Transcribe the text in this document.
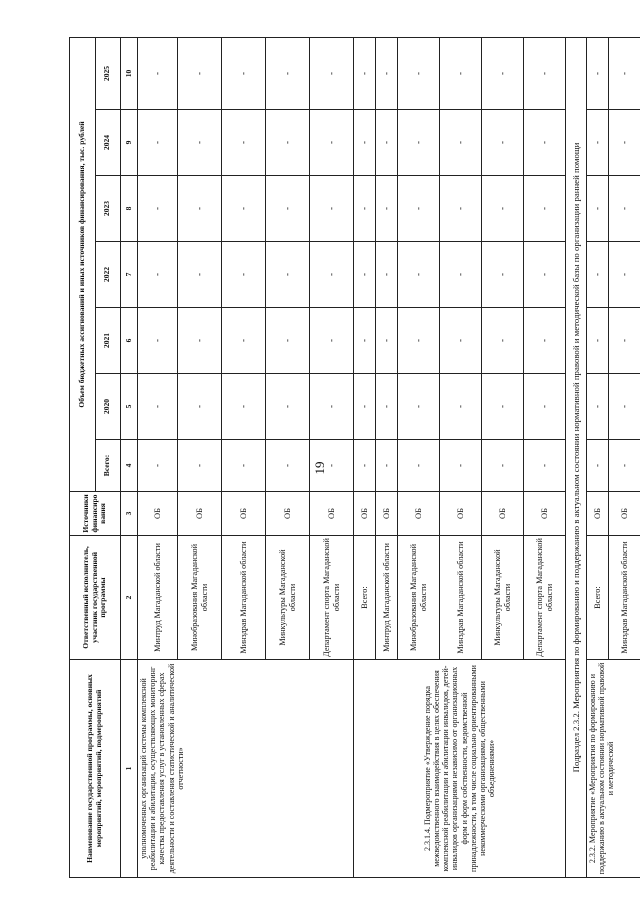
19
Наименование государственной программы, основных мероприятий, мероприятий, подмероприятий	Ответственный исполнитель, участник государственной программы	Источники финансиро вания	Объем бюджетных ассигнований и иных источников финансирования, тыс. рублей						
			Всего:	2020	2021	2022	2023	2024	2025
1	2	3	4	5	6	7	8	9	10
уполномоченных организаций системы комплексной реабилитации и абилитации, осуществляющих мониторинг качества предоставления услуг в установленных сферах деятельности и составления статистической и аналитической отчетности»	Минтруд Магаданской области	ОБ	-	-	-	-	-	-	-
	Минобразования Магаданской области	ОБ	-	-	-	-	-	-	-
	Минздрав Магаданской области	ОБ	-	-	-	-	-	-	-
	Минкультуры Магаданской области	ОБ	-	-	-	-	-	-	-
	Департамент спорта Магаданской области	ОБ	-	-	-	-	-	-	-
2.3.1.4. Подмероприятие «Утверждение порядка межведомственного взаимодействия в целях обеспечения комплексной реабилитации и абилитации инвалидов, детей-инвалидов организациями независимо от организационных форм и форм собственности, ведомственной принадлежности, в том числе социально ориентированными некоммерческими организациями, общественными объединениями»	Всего:	ОБ	-	-	-	-	-	-	-
	Минтруд Магаданской области	ОБ	-	-	-	-	-	-	-
	Минобразования Магаданской области	ОБ	-	-	-	-	-	-	-
	Минздрав Магаданской области	ОБ	-	-	-	-	-	-	-
	Минкультуры Магаданской области	ОБ	-	-	-	-	-	-	-
	Департамент спорта Магаданской области	ОБ	-	-	-	-	-	-	-
Подраздел 2.3.2. Мероприятия по формированию и поддержанию в актуальном состоянии нормативной правовой и методической базы по организации ранней помощи									
2.3.2. Мероприятие «Мероприятия по формированию и поддержанию в актуальном состоянии нормативной правовой и методической	Всего:	ОБ	-	-	-	-	-	-	-
	Минздрав Магаданской области	ОБ	-	-	-	-	-	-	-
